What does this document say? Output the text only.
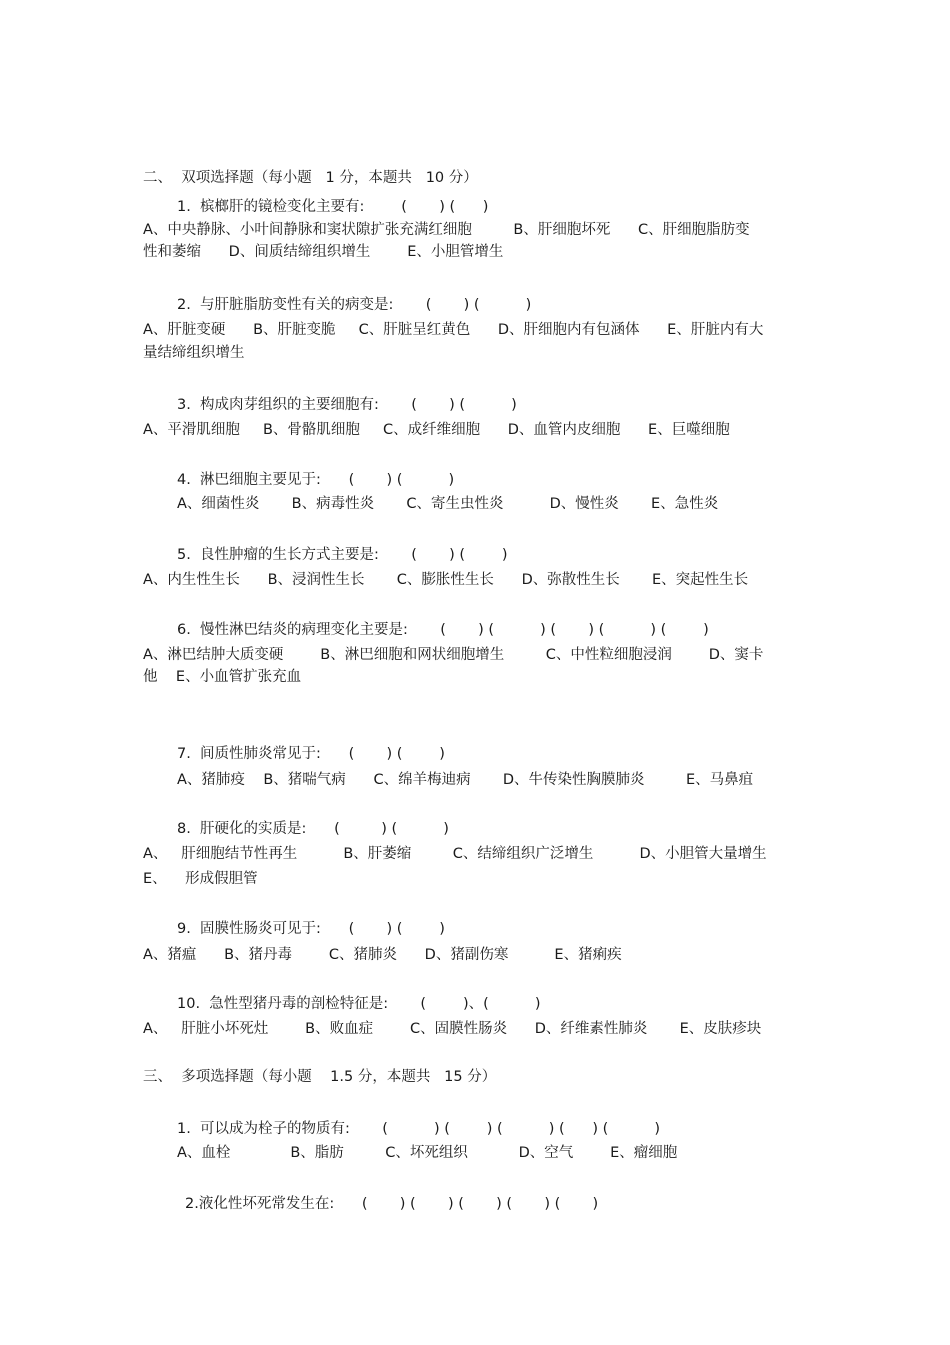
二、  双项选择题（每小题   1 分，本题共   10 分）
1.  槟榔肝的镜检变化主要有:        (       ) (      )
A、中央静脉、小叶间静脉和窦状隙扩张充满红细胞         B、肝细胞坏死      C、肝细胞脂肪变
性和萎缩      D、间质结缔组织增生        E、小胆管增生
2.  与肝脏脂肪变性有关的病变是:       (       ) (          )
A、肝脏变硬      B、肝脏变脆     C、肝脏呈红黄色      D、肝细胞内有包涵体      E、肝脏内有大
量结缔组织增生
3.  构成肉芽组织的主要细胞有:       (       ) (          )
A、平滑肌细胞     B、骨骼肌细胞     C、成纤维细胞      D、血管内皮细胞      E、巨噬细胞
4.  淋巴细胞主要见于:      (       ) (          )
A、细菌性炎       B、病毒性炎       C、寄生虫性炎          D、慢性炎       E、急性炎
5.  良性肿瘤的生长方式主要是:       (       ) (        )
A、内生性生长      B、浸润性生长       C、膨胀性生长      D、弥散性生长       E、突起性生长
6.  慢性淋巴结炎的病理变化主要是:       (       ) (          ) (       ) (          ) (        )
A、淋巴结肿大质变硬        B、淋巴细胞和网状细胞增生         C、中性粒细胞浸润        D、窦卡
他    E、小血管扩张充血
7.  间质性肺炎常见于:      (       ) (        )
A、猪肺疫    B、猪喘气病      C、绵羊梅迪病       D、牛传染性胸膜肺炎         E、马鼻疽
8.  肝硬化的实质是:      (         ) (          )
A、   肝细胞结节性再生          B、肝萎缩         C、结缔组织广泛增生          D、小胆管大量增生
E、    形成假胆管
9.  固膜性肠炎可见于:      (       ) (        )
A、猪瘟      B、猪丹毒        C、猪肺炎      D、猪副伤寒          E、猪痢疾
10.  急性型猪丹毒的剖检特征是:       (        )、(          )
A、   肝脏小坏死灶        B、败血症        C、固膜性肠炎      D、纤维素性肺炎       E、皮肤疹块
三、  多项选择题（每小题    1.5 分，本题共   15 分）
1.  可以成为栓子的物质有:       (          ) (        ) (          ) (      ) (          )
A、血栓             B、脂肪         C、坏死组织           D、空气        E、瘤细胞
2.液化性坏死常发生在:      (       ) (       ) (       ) (       ) (       )
